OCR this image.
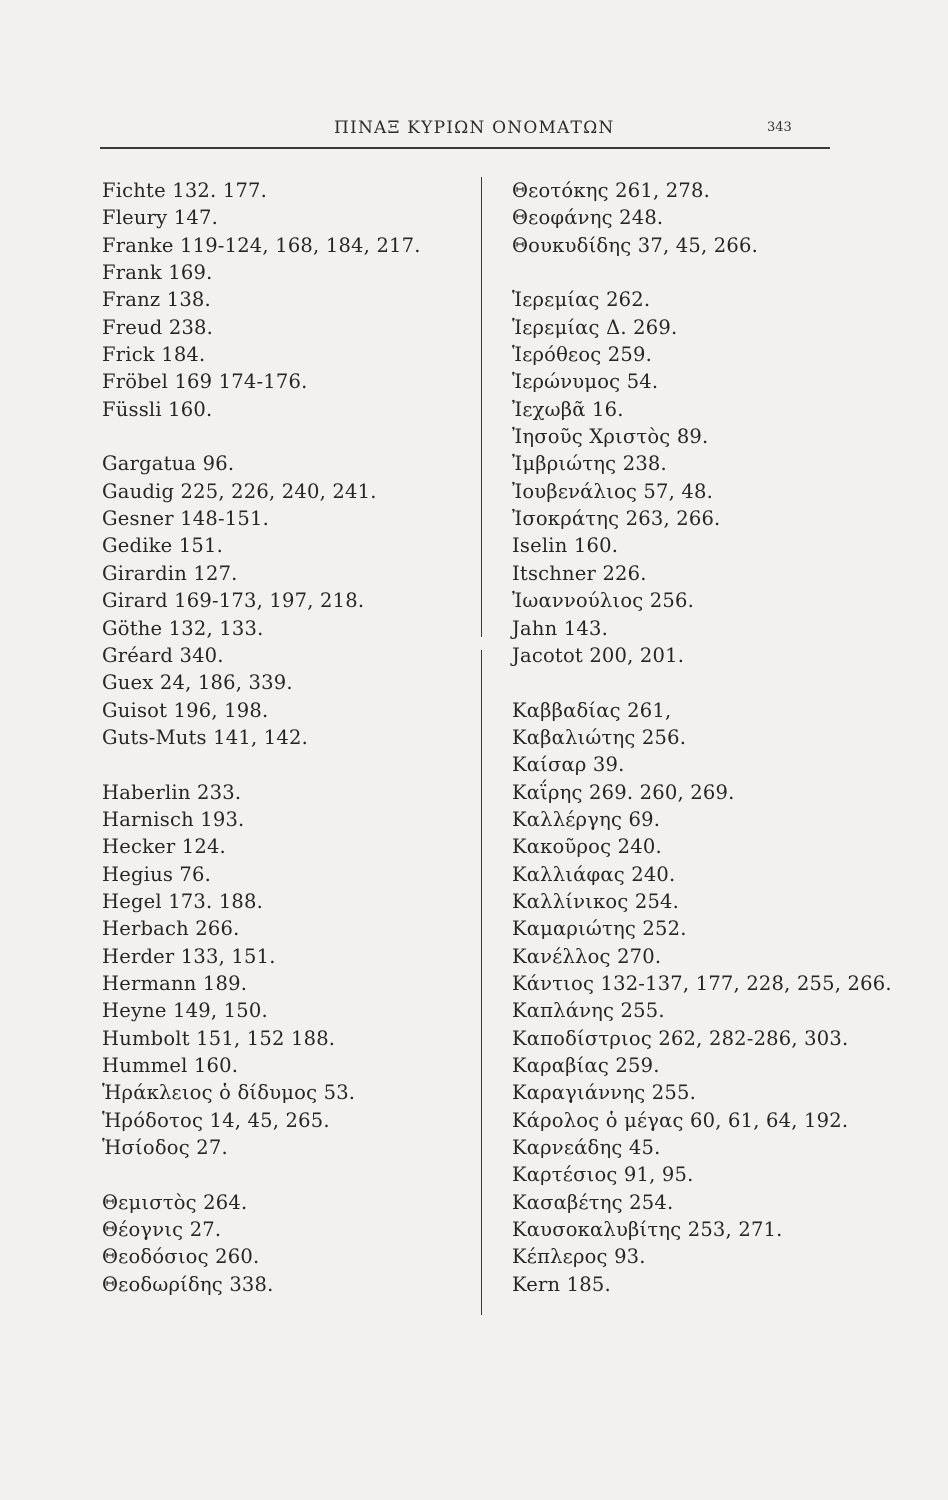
ΠΙΝΑΞ ΚΥΡΙΩΝ ΟΝΟΜΑΤΩΝ	343
Fichte 132. 177.
Fleury 147.
Franke 119-124, 168, 184, 217.
Frank 169.
Franz 138.
Freud 238.
Frick 184.
Fröbel 169 174-176.
Füssli 160.
Gargatua 96.
Gaudig 225, 226, 240, 241.
Gesner 148-151.
Gedike 151.
Girardin 127.
Girard 169-173, 197, 218.
Göthe 132, 133.
Gréard 340.
Guex 24, 186, 339.
Guisot 196, 198.
Guts-Muts 141, 142.
Haberlin 233.
Harnisch 193.
Hecker 124.
Hegius 76.
Hegel 173. 188.
Herbach 266.
Herder 133, 151.
Hermann 189.
Heyne 149, 150.
Humbolt 151, 152 188.
Hummel 160.
Ἡράκλειος ὁ δίδυμος 53.
Ἡρόδοτος 14, 45, 265.
Ἡσίοδος 27.
Θεμιστὸς 264.
Θέογνις 27.
Θεοδόσιος 260.
Θεοδωρίδης 338.
Θεοτόκης 261, 278.
Θεοφάνης 248.
Θουκυδίδης 37, 45, 266.
Ἱερεμίας 262.
Ἱερεμίας Δ. 269.
Ἱερόθεος 259.
Ἱερώνυμος 54.
Ἰεχωβᾶ 16.
Ἰησοῦς Χριστὸς 89.
Ἰμβριώτης 238.
Ἰουβενάλιος 57, 48.
Ἰσοκράτης 263, 266.
Iselin 160.
Itschner 226.
Ἰωαννούλιος 256.
Jahn 143.
Jacotot 200, 201.
Καββαδίας 261,
Καβαλιώτης 256.
Καίσαρ 39.
Καΐρης 269. 260, 269.
Καλλέργης 69.
Κακοῦρος 240.
Καλλιάφας 240.
Καλλίνικος 254.
Καμαριώτης 252.
Κανέλλος 270.
Κάντιος 132-137, 177, 228, 255, 266.
Καπλάνης 255.
Καποδίστριος 262, 282-286, 303.
Καραβίας 259.
Καραγιάννης 255.
Κάρολος ὁ μέγας 60, 61, 64, 192.
Καρνεάδης 45.
Καρτέσιος 91, 95.
Κασαβέτης 254.
Καυσοκαλυβίτης 253, 271.
Κέπλερος 93.
Kern 185.
